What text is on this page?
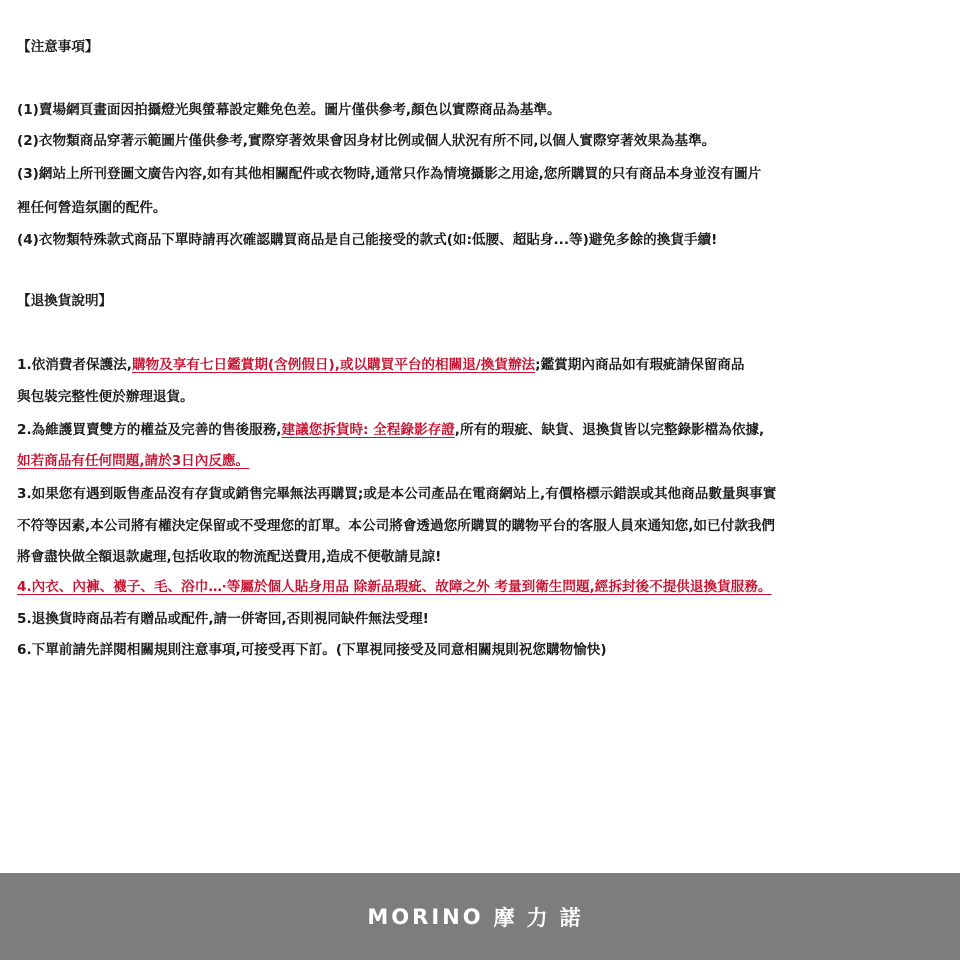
【注意事項】
(1)賣場網頁畫面因拍攝燈光與螢幕設定難免色差。圖片僅供參考,顏色以實際商品為基準。
(2)衣物類商品穿著示範圖片僅供參考,實際穿著效果會因身材比例或個人狀況有所不同,以個人實際穿著效果為基準。
(3)網站上所刊登圖文廣告內容,如有其他相關配件或衣物時,通常只作為情境攝影之用途,您所購買的只有商品本身並沒有圖片
裡任何營造氛圍的配件。
(4)衣物類特殊款式商品下單時請再次確認購買商品是自己能接受的款式(如:低腰、超貼身...等)避免多餘的換貨手續!
【退換貨說明】
1.依消費者保護法,購物及享有七日鑑賞期(含例假日),或以購買平台的相關退/換貨辦法;鑑賞期內商品如有瑕疵請保留商品
與包裝完整性便於辦理退貨。
2.為維護買賣雙方的權益及完善的售後服務,建議您拆貨時: 全程錄影存證,所有的瑕疵、缺貨、退換貨皆以完整錄影檔為依據,
如若商品有任何問題,請於3日內反應。
3.如果您有遇到販售產品沒有存貨或銷售完畢無法再購買;或是本公司產品在電商網站上,有價格標示錯誤或其他商品數量與事實
不符等因素,本公司將有權決定保留或不受理您的訂單。本公司將會透過您所購買的購物平台的客服人員來通知您,如已付款我們
將會盡快做全額退款處理,包括收取的物流配送費用,造成不便敬請見諒!
4.內衣、內褲、襪子、毛、浴巾…‧等屬於個人貼身用品 除新品瑕疵、故障之外 考量到衛生問題,經拆封後不提供退換貨服務。
5.退換貨時商品若有贈品或配件,請一併寄回,否則視同缺件無法受理!
6.下單前請先詳閱相關規則注意事項,可接受再下訂。(下單視同接受及同意相關規則祝您購物愉快)
MORINO 摩力諾
